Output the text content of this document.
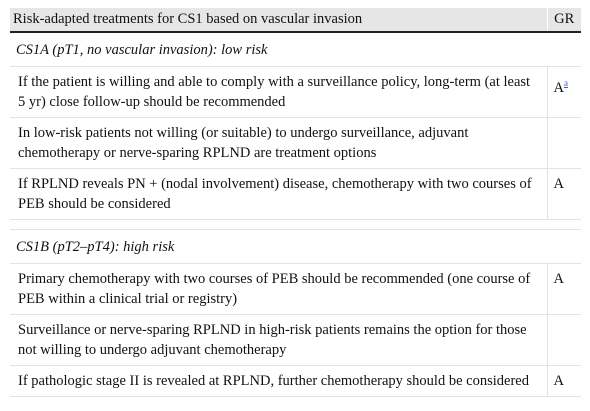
Risk-adapted treatments for CS1 based on vascular invasion	GR
CS1A (pT1, no vascular invasion): low risk	
If the patient is willing and able to comply with a surveillance policy, long-term (at least 5 yr) close follow-up should be recommended	A$^a$
In low-risk patients not willing (or suitable) to undergo surveillance, adjuvant chemotherapy or nerve-sparing RPLND are treatment options	
If RPLND reveals PN + (nodal involvement) disease, chemotherapy with two courses of PEB should be considered	A

CS1B (pT2–pT4): high risk	
Primary chemotherapy with two courses of PEB should be recommended (one course of PEB within a clinical trial or registry)	A
Surveillance or nerve-sparing RPLND in high-risk patients remains the option for those not willing to undergo adjuvant chemotherapy	
If pathologic stage II is revealed at RPLND, further chemotherapy should be considered	A
